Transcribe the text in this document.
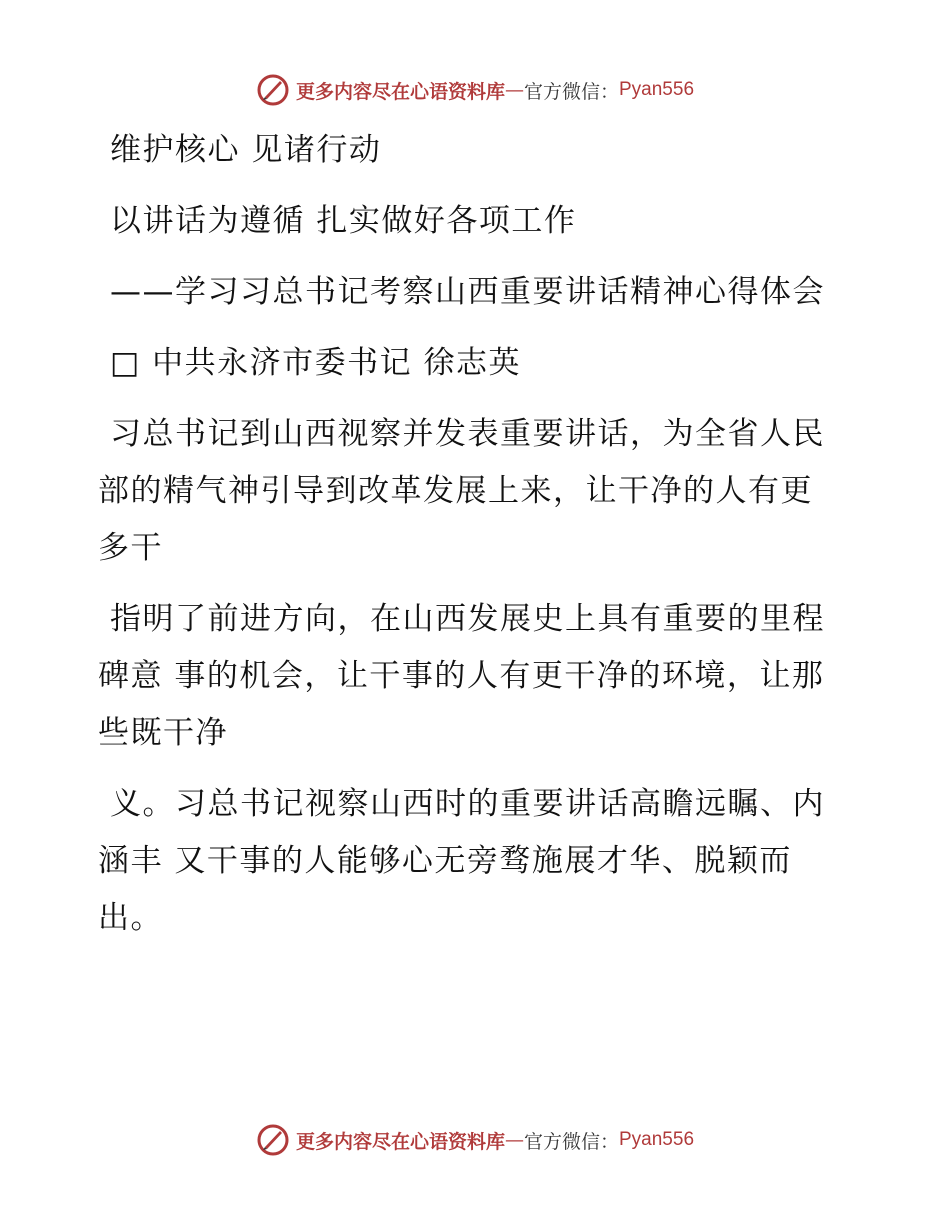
更多内容尽在心语资料库 — 官方微信： Pyan556

维护核心 见诸行动

以讲话为遵循 扎实做好各项工作

——学习习总书记考察山西重要讲话精神心得体会

□ 中共永济市委书记 徐志英

习总书记到山西视察并发表重要讲话，为全省人民 部的精气神引导到改革发展上来，让干净的人有更多干

指明了前进方向，在山西发展史上具有重要的里程碑意 事的机会，让干事的人有更干净的环境，让那些既干净

义。习总书记视察山西时的重要讲话高瞻远瞩、内涵丰 又干事的人能够心无旁骛施展才华、脱颖而出。

更多内容尽在心语资料库 — 官方微信： Pyan556
